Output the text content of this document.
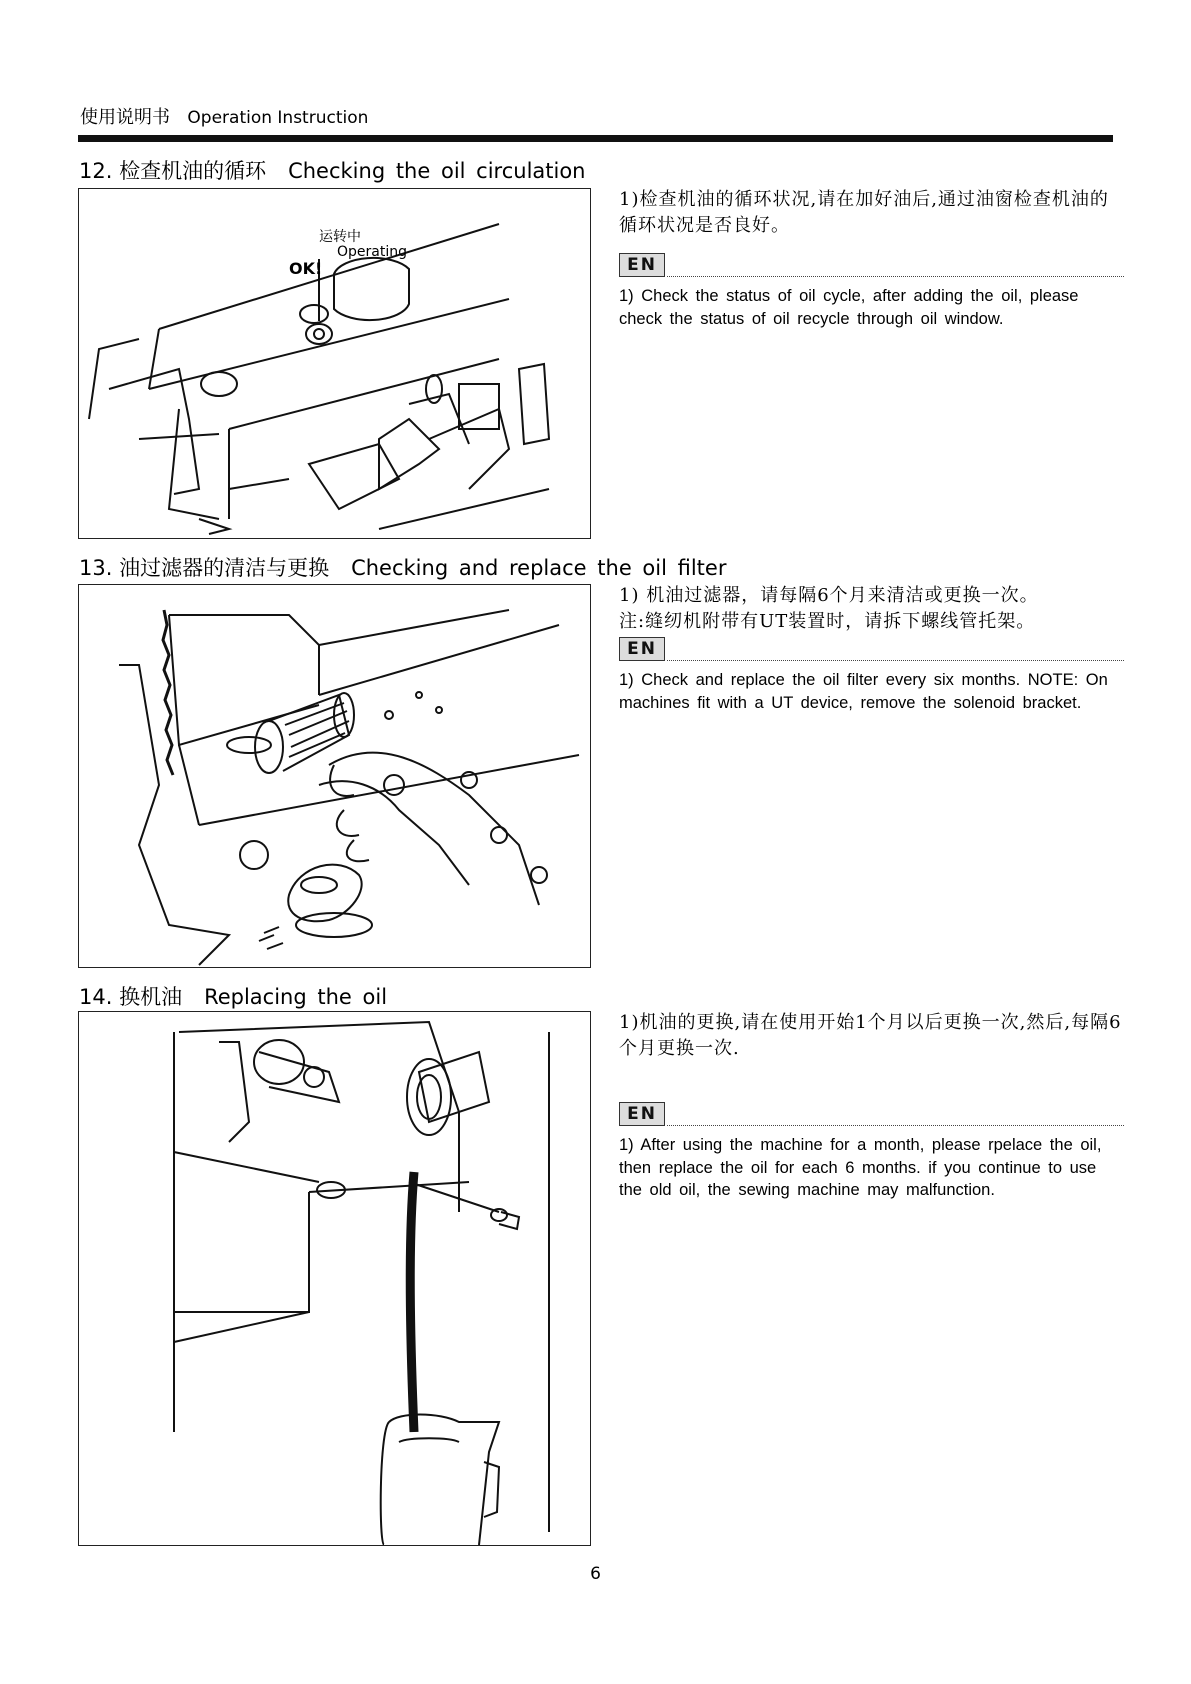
使用说明书 Operation Instruction
12. 检查机油的循环 Checking the oil circulation
运转中
OK!
Operating

1)检查机油的循环状况,请在加好油后,通过油窗检查机油的循环状况是否良好。

EN

1) Check the status of oil cycle, after adding the oil, please check the status of oil recycle through oil window.

13. 油过滤器的清洁与更换 Checking and replace the oil filter

1) 机油过滤器，请每隔6个月来清洁或更换一次。

注:缝纫机附带有UT装置时，请拆下螺线管托架。

EN

1) Check and replace the oil filter every six months. NOTE: On machines fit with a UT device, remove the solenoid bracket.

14. 换机油 Replacing the oil

1)机油的更换,请在使用开始1个月以后更换一次,然后,每隔6个月更换一次.

EN

1) After using the machine for a month, please rpelace the oil, then replace the oil for each 6 months. if you continue to use the old oil, the sewing machine may malfunction.

6
